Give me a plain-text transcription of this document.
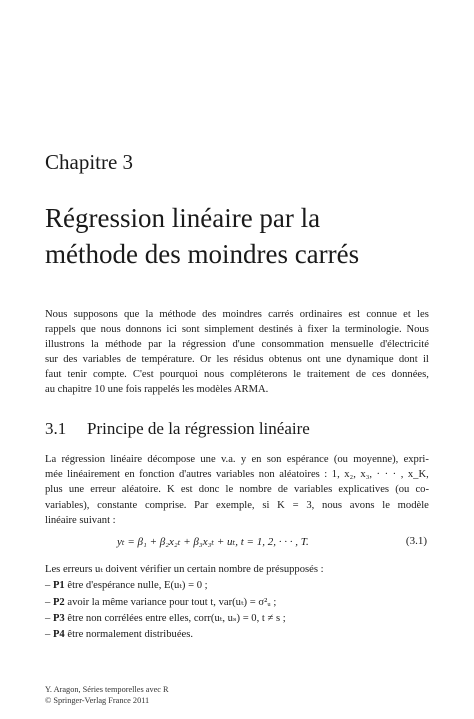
Chapitre 3
Régression linéaire par la
méthode des moindres carrés
Nous supposons que la méthode des moindres carrés ordinaires est connue et les
rappels que nous donnons ici sont simplement destinés à fixer la terminologie. Nous
illustrons la méthode par la régression d'une consommation mensuelle d'électricité
sur des variables de température. Or les résidus obtenus ont une dynamique dont il
faut tenir compte. C'est pourquoi nous compléterons le traitement de ces données,
au chapitre 10 une fois rappelés les modèles ARMA.
3.1 Principe de la régression linéaire
La régression linéaire décompose une v.a. y en son espérance (ou moyenne), expri-
mée linéairement en fonction d'autres variables non aléatoires : 1, x₂, x₃, · · · , x_K,
plus une erreur aléatoire. K est donc le nombre de variables explicatives (ou co-
variables), constante comprise. Par exemple, si K = 3, nous avons le modèle
linéaire suivant :
yₜ = β₁ + β₂x₂ₜ + β₃x₃ₜ + uₜ, t = 1, 2, · · · , T.	(3.1)
Les erreurs uₜ doivent vérifier un certain nombre de présupposés :
– P1 être d'espérance nulle, E(uₜ) = 0 ;
– P2 avoir la même variance pour tout t, var(uₜ) = σ²ᵤ ;
– P3 être non corrélées entre elles, corr(uₜ, uₛ) = 0, t ≠ s ;
– P4 être normalement distribuées.
Y. Aragon, Séries temporelles avec R
© Springer-Verlag France 2011
